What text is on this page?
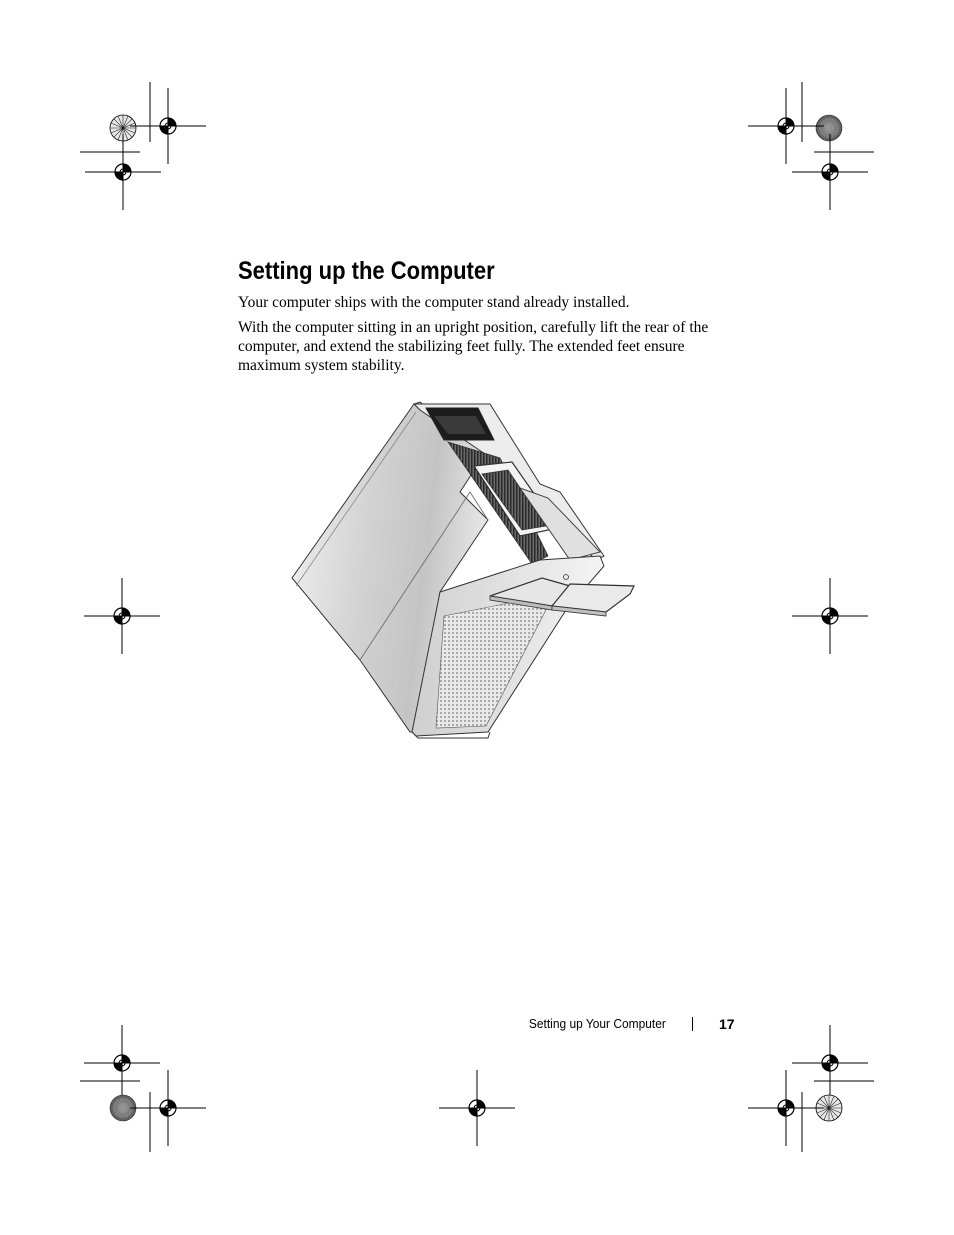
Setting up the Computer

Your computer ships with the computer stand already installed.

With the computer sitting in an upright position, carefully lift the rear of the computer, and extend the stabilizing feet fully. The extended feet ensure maximum system stability.

Setting up Your Computer	17
